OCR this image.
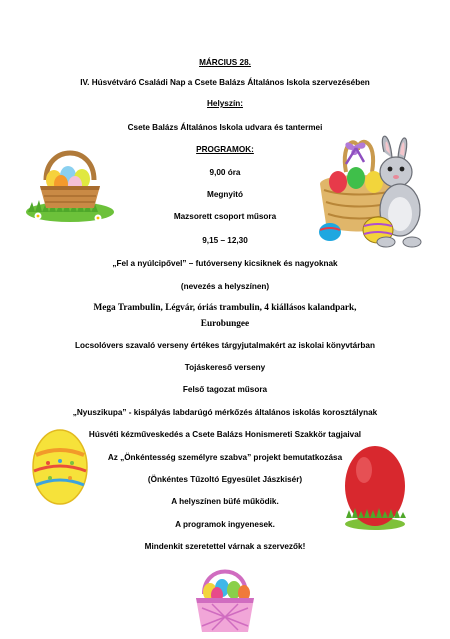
MÁRCIUS 28.
IV. Húsvétváró Családi Nap a Csete Balázs Általános Iskola szervezésében
Helyszín:
Csete Balázs Általános Iskola udvara és tantermei
PROGRAMOK:
9,00 óra
Megnyitó
Mazsorett csoport műsora
9,15 – 12,30
„Fel a nyúlcipővel” – futóverseny kicsiknek és nagyoknak
(nevezés a helyszínen)
Mega Trambulin, Légvár, óriás trambulin, 4 kiállásos kalandpark,
Eurobungee
Locsolóvers szavaló verseny értékes tárgyjutalmakért az iskolai könyvtárban
Tojáskereső verseny
Felső tagozat műsora
„Nyuszikupa” - kispályás labdarúgó mérkőzés általános iskolás korosztálynak
Húsvéti kézműveskedés a Csete Balázs Honismereti Szakkör tagjaival
Az „Önkéntesség személyre szabva” projekt bemutatkozása
(Önkéntes Tűzoltó Egyesület Jászkisér)
A helyszínen büfé működik.
A programok ingyenesek.
Mindenkit szeretettel várnak a szervezők!
